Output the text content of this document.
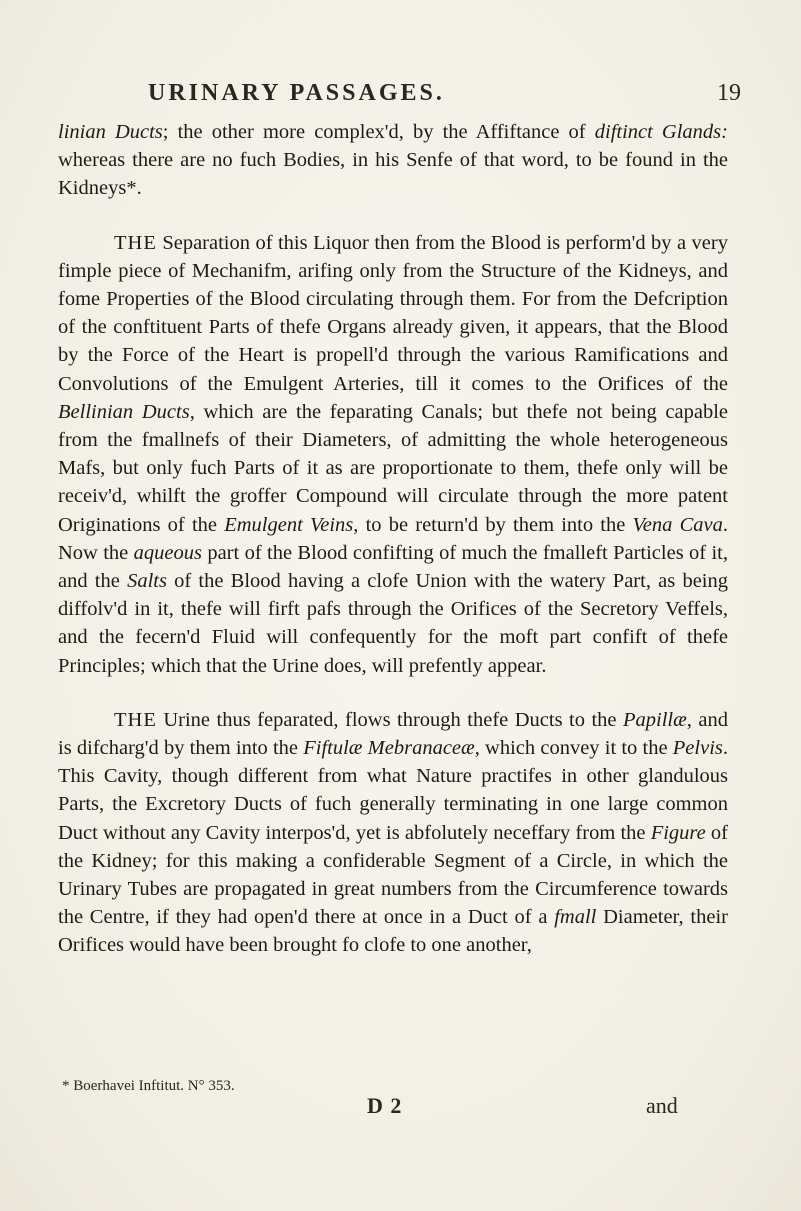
URINARY PASSAGES.	19

linian Ducts; the other more complex'd, by the Affiftance of diftinct Glands: whereas there are no fuch Bodies, in his Senfe of that word, to be found in the Kidneys*.

THE Separation of this Liquor then from the Blood is perform'd by a very fimple piece of Mechanifm, arifing only from the Structure of the Kidneys, and fome Properties of the Blood circulating through them. For from the Defcription of the conftituent Parts of thefe Organs already given, it appears, that the Blood by the Force of the Heart is propell'd through the various Ramifications and Convolutions of the Emulgent Arteries, till it comes to the Orifices of the Bellinian Ducts, which are the feparating Canals; but thefe not being capable from the fmallnefs of their Diameters, of admitting the whole heterogeneous Mafs, but only fuch Parts of it as are proportionate to them, thefe only will be receiv'd, whilft the groffer Compound will circulate through the more patent Originations of the Emulgent Veins, to be return'd by them into the Vena Cava. Now the aqueous part of the Blood confifting of much the fmalleft Particles of it, and the Salts of the Blood having a clofe Union with the watery Part, as being diffolv'd in it, thefe will firft pafs through the Orifices of the Secretory Veffels, and the fecern'd Fluid will confequently for the moft part confift of thefe Principles; which that the Urine does, will prefently appear.

THE Urine thus feparated, flows through thefe Ducts to the Papillæ, and is difcharg'd by them into the Fiftulæ Mebranaceæ, which convey it to the Pelvis. This Cavity, though different from what Nature practifes in other glandulous Parts, the Excretory Ducts of fuch generally terminating in one large common Duct without any Cavity interpos'd, yet is abfolutely neceffary from the Figure of the Kidney; for this making a confiderable Segment of a Circle, in which the Urinary Tubes are propagated in great numbers from the Circumference towards the Centre, if they had open'd there at once in a Duct of a fmall Diameter, their Orifices would have been brought fo clofe to one another,

* Boerhavei Inftitut. N° 353.
D 2	and
